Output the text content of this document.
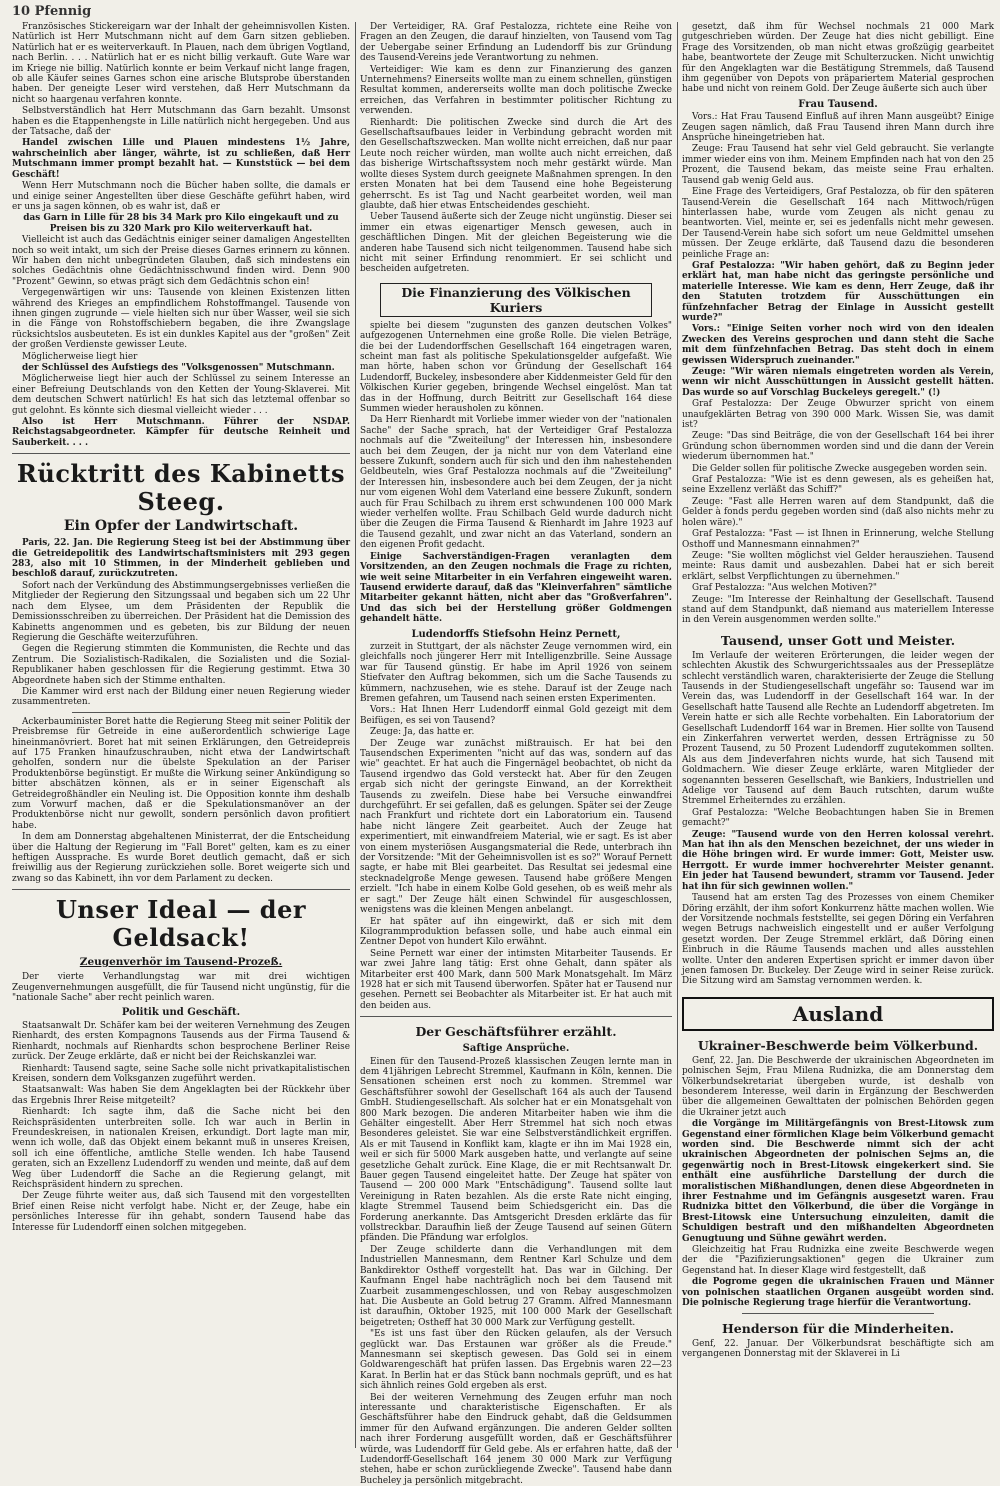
10 Pfennig

Französisches Stickereigarn war der Inhalt der geheimnisvollen Kisten. Natürlich ist Herr Mutschmann nicht auf dem Garn sitzen geblieben. Natürlich hat er es weiterverkauft. In Plauen, nach dem übrigen Vogtland, nach Berlin. . . . Natürlich hat er es nicht billig verkauft. Gute Ware war im Kriege nie billig. Natürlich konnte er beim Verkauf nicht lange fragen, ob alle Käufer seines Garnes schon eine arische Blutsprobe überstanden haben. Der geneigte Leser wird verstehen, daß Herr Mutschmann da nicht so haargenau verfahren konnte.

Selbstverständlich hat Herr Mutschmann das Garn bezahlt. Umsonst haben es die Etappenhengste in Lille natürlich nicht hergegeben. Und aus der Tatsache, daß der

Handel zwischen Lille und Plauen mindestens 1½ Jahre, wahrscheinlich aber länger, währte, ist zu schließen, daß Herr Mutschmann immer prompt bezahlt hat. — Kunststück — bei dem Geschäft!

Wenn Herr Mutschmann noch die Bücher haben sollte, die damals er und einige seiner Angestellten über diese Geschäfte geführt haben, wird er uns ja sagen können, ob es wahr ist, daß er

das Garn in Lille für 28 bis 34 Mark pro Kilo eingekauft und zu Preisen bis zu 320 Mark pro Kilo weiterverkauft hat.

Vielleicht ist auch das Gedächtnis einiger seiner damaligen Angestellten noch so weit intakt, um sich der Preise dieses Garnes erinnern zu können. Wir haben den nicht unbegründeten Glauben, daß sich mindestens ein solches Gedächtnis ohne Gedächtnisschwund finden wird. Denn 900 "Prozent" Gewinn, so etwas prägt sich dem Gedächtnis schon ein!

Vergegenwärtigen wir uns: Tausende von kleinen Existenzen litten während des Krieges an empfindlichem Rohstoffmangel. Tausende von ihnen gingen zugrunde — viele hielten sich nur über Wasser, weil sie sich in die Fänge von Rohstoffschiebern begaben, die ihre Zwangslage rücksichtslos ausbeuteten. Es ist ein dunkles Kapitel aus der "großen" Zeit der großen Verdienste gewisser Leute.

Möglicherweise liegt hier

der Schlüssel des Aufstiegs des "Volksgenossen" Mutschmann.

Möglicherweise liegt hier auch der Schlüssel zu seinem Interesse an einer Befreiung Deutschlands von den Ketten der Young-Sklaverei. Mit dem deutschen Schwert natürlich! Es hat sich das letztemal offenbar so gut gelohnt. Es könnte sich diesmal vielleicht wieder . . .

Also ist Herr Mutschmann. Führer der NSDAP. Reichstagsabgeordneter. Kämpfer für deutsche Reinheit und Sauberkeit. . . .

Rücktritt des Kabinetts Steeg.
Ein Opfer der Landwirtschaft.

Paris, 22. Jan. Die Regierung Steeg ist bei der Abstimmung über die Getreidepolitik des Landwirtschaftsministers mit 293 gegen 283, also mit 10 Stimmen, in der Minderheit geblieben und beschloß darauf, zurückzutreten.

Sofort nach der Verkündung des Abstimmungsergebnisses verließen die Mitglieder der Regierung den Sitzungssaal und begaben sich um 22 Uhr nach dem Elysee, um dem Präsidenten der Republik die Demissionsschreiben zu überreichen. Der Präsident hat die Demission des Kabinetts angenommen und es gebeten, bis zur Bildung der neuen Regierung die Geschäfte weiterzuführen.

Gegen die Regierung stimmten die Kommunisten, die Rechte und das Zentrum. Die Sozialistisch-Radikalen, die Sozialisten und die Sozial-Republikaner haben geschlossen für die Regierung gestimmt. Etwa 30 Abgeordnete haben sich der Stimme enthalten.

Die Kammer wird erst nach der Bildung einer neuen Regierung wieder zusammentreten.

Ackerbauminister Boret hatte die Regierung Steeg mit seiner Politik der Preisbremse für Getreide in eine außerordentlich schwierige Lage hineinmanövriert. Boret hat mit seinen Erklärungen, den Getreidepreis auf 175 Franken hinaufzuschrauben, nicht etwa der Landwirtschaft geholfen, sondern nur die übelste Spekulation an der Pariser Produktenbörse begünstigt. Er mußte die Wirkung seiner Ankündigung so bitter abschätzen können, als er in seiner Eigenschaft als Getreidegroßhändler ein Neuling ist. Die Opposition konnte ihm deshalb zum Vorwurf machen, daß er die Spekulationsmanöver an der Produktenbörse nicht nur gewollt, sondern persönlich davon profitiert habe.

In dem am Donnerstag abgehaltenen Ministerrat, der die Entscheidung über die Haltung der Regierung im "Fall Boret" gelten, kam es zu einer heftigen Aussprache. Es wurde Boret deutlich gemacht, daß er sich freiwillig aus der Regierung zurückziehen solle. Boret weigerte sich und zwang so das Kabinett, ihn vor dem Parlament zu decken.

Unser Ideal — der Geldsack!
Zeugenverhör im Tausend-Prozeß.

Der vierte Verhandlungstag war mit drei wichtigen Zeugenvernehmungen ausgefüllt, die für Tausend nicht ungünstig, für die "nationale Sache" aber recht peinlich waren.

Politik und Geschäft.

Staatsanwalt Dr. Schäfer kam bei der weiteren Vernehmung des Zeugen Rienhardt, des ersten Kompagnons Tausends aus der Firma Tausend & Rienhardt, nochmals auf Rienhardts schon besprochene Berliner Reise zurück. Der Zeuge erklärte, daß er nicht bei der Reichskanzlei war.

Rienhardt: Tausend sagte, seine Sache solle nicht privatkapitalistischen Kreisen, sondern dem Volksganzen zugeführt werden.

Staatsanwalt: Was haben Sie dem Angeklagten bei der Rückkehr über das Ergebnis Ihrer Reise mitgeteilt?

Rienhardt: Ich sagte ihm, daß die Sache nicht bei den Reichspräsidenten unterbreiten solle. Ich war auch in Berlin in Freundeskreisen, in nationalen Kreisen, erkundigt. Dort lagte man mir, wenn ich wolle, daß das Objekt einem bekannt muß in unseres Kreisen, soll ich eine öffentliche, amtliche Stelle wenden. Ich habe Tausend geraten, sich an Exzellenz Ludendorff zu wenden und meinte, daß auf dem Weg über Ludendorff die Sache an die Regierung gelangt, mit Reichspräsident hindern zu sprechen.

Der Zeuge führte weiter aus, daß sich Tausend mit den vorgestellten Brief einen Reise nicht verfolgt habe. Nicht er, der Zeuge, habe ein persönliches Interesse für ihn gehabt, sondern Tausend habe das Interesse für Ludendorff einen solchen mitgegeben.

Der Verteidiger, RA. Graf Pestalozza, richtete eine Reihe von Fragen an den Zeugen, die darauf hinzielten, von Tausend vom Tag der Uebergabe seiner Erfindung an Ludendorff bis zur Gründung des Tausend-Vereins jede Verantwortung zu nehmen.

Verteidiger: Wie kam es denn zur Finanzierung des ganzen Unternehmens? Einerseits wollte man zu einem schnellen, günstigen Resultat kommen, andererseits wollte man doch politische Zwecke erreichen, das Verfahren in bestimmter politischer Richtung zu verwenden.

Rienhardt: Die politischen Zwecke sind durch die Art des Gesellschaftsaufbaues leider in Verbindung gebracht worden mit den Gesellschaftszwecken. Man wollte nicht erreichen, daß nur paar Leute noch reicher würden, man wollte auch nicht erreichen, daß das bisherige Wirtschaftssystem noch mehr gestärkt würde. Man wollte dieses System durch geeignete Maßnahmen sprengen. In den ersten Monaten hat bei dem Tausend eine hohe Begeisterung geherrscht. Es ist Tag und Nacht gearbeitet worden, weil man glaubte, daß hier etwas Entscheidendes geschieht.

Ueber Tausend äußerte sich der Zeuge nicht ungünstig. Dieser sei immer ein etwas eigenartiger Mensch gewesen, auch in geschäftlichen Dingen. Mit der gleichen Begeisterung wie die anderen habe Tausend sich nicht teilgenommen. Tausend habe sich nicht mit seiner Erfindung renommiert. Er sei schlicht und bescheiden aufgetreten.

Die Finanzierung des Völkischen Kuriers

spielte bei diesem "zugunsten des ganzen deutschen Volkes" aufgezogenen Unternehmen eine große Rolle. Die vielen Beträge, die bei der Ludendorffschen Gesellschaft 164 eingetragen waren, scheint man fast als politische Spekulationsgelder aufgefaßt. Wie man hörte, haben schon vor Gründung der Gesellschaft 164 Ludendorff, Buckeley, insbesondere aber Kiddenmeister Geld für den Völkischen Kurier gegeben, bringende Wechsel eingelöst. Man tat das in der Hoffnung, durch Beitritt zur Gesellschaft 164 diese Summen wieder herausholen zu können.

Da Herr Rienhardt mit Vorliebe immer wieder von der "nationalen Sache" der Sache sprach, hat der Verteidiger Graf Pestalozza nochmals auf die "Zweiteilung" der Interessen hin, insbesondere auch bei dem Zeugen, der ja nicht nur von dem Vaterland eine bessere Zukunft, sondern auch für sich und den ihm nahestehenden Geldbeuteln, wies Graf Pestalozza nochmals auf die "Zweiteilung" der Interessen hin, insbesondere auch bei dem Zeugen, der ja nicht nur vom eigenen Wohl dem Vaterland eine bessere Zukunft, sondern auch für Frau Schilbach zu ihrem erst schwundenen 100 000 Mark wieder verhelfen wollte. Frau Schilbach Geld wurde dadurch nicht über die Zeugen die Firma Tausend & Rienhardt im Jahre 1923 auf die Tausend gezahlt, und zwar nicht an das Vaterland, sondern an den eigenen Profit gedacht.

Einige Sachverständigen-Fragen veranlagten dem Vorsitzenden, an den Zeugen nochmals die Frage zu richten, wie weit seine Mitarbeiter in ein Verfahren eingeweiht waren. Tausend erwiderte darauf, daß das "Kleinverfahren" sämtliche Mitarbeiter gekannt hätten, nicht aber das "Großverfahren". Und das sich bei der Herstellung größer Goldmengen gehandelt hätte.

Ludendorffs Stiefsohn Heinz Pernett,

zurzeit in Stuttgart, der als nächster Zeuge vernommen wird, ein gleichfalls noch jüngerer Herr mit Intelligenzbrille. Seine Aussage war für Tausend günstig. Er habe im April 1926 von seinem Stiefvater den Auftrag bekommen, sich um die Sache Tausends zu kümmern, nachzusehen, wie es stehe. Darauf ist der Zeuge nach Bremen gefahren, um Tausend nach seinen ersten Experimenten.

Vors.: Hat Ihnen Herr Ludendorff einmal Gold gezeigt mit dem Beifügen, es sei von Tausend?

Zeuge: Ja, das hatte er.

Der Zeuge war zunächst mißtrauisch. Er hat bei den Tausendschen Experimenten "nicht auf das was, sondern auf das wie" geachtet. Er hat auch die Fingernägel beobachtet, ob nicht da Tausend irgendwo das Gold versteckt hat. Aber für den Zeugen ergab sich nicht der geringste Einwand, an der Korrektheit Tausends zu zweifeln. Diese habe bei Versuche einwandfrei durchgeführt. Er sei gefallen, daß es gelungen. Später sei der Zeuge nach Frankfurt und richtete dort ein Laboratorium ein. Tausend habe nicht längere Zeit gearbeitet. Auch der Zeuge hat experimentiert, mit einwandfreiem Material, wie er sagt. Es ist aber von einem mysteriösen Ausgangsmaterial die Rede, unterbrach ihn der Vorsitzende: "Mit der Geheimnisvollen ist es so?" Worauf Pernett sagte, er habe mit Blei gearbeitet. Das Resultat sei jedesmal eine stecknadelgroße Menge gewesen. Tausend habe größere Mengen erzielt. "Ich habe in einem Kolbe Gold gesehen, ob es weiß mehr als er sagt." Der Zeuge hält einen Schwindel für ausgeschlossen, wenigstens was die kleinen Mengen anbelangt.

Er hat später auf ihn eingewirkt, daß er sich mit dem Kilogrammproduktion befassen solle, und habe auch einmal ein Zentner Depot von hundert Kilo erwähnt.

Seine Pernett war einer der intimsten Mitarbeiter Tausends. Er war zwei Jahre lang tätig: Erst ohne Gehalt, dann später als Mitarbeiter erst 400 Mark, dann 500 Mark Monatsgehalt. Im März 1928 hat er sich mit Tausend überworfen. Später hat er Tausend nur gesehen. Pernett sei Beobachter als Mitarbeiter ist. Er hat auch mit den beiden aus.

Der Geschäftsführer erzählt.
Saftige Ansprüche.

Einen für den Tausend-Prozeß klassischen Zeugen lernte man in dem 41jährigen Lebrecht Stremmel, Kaufmann in Köln, kennen. Die Sensationen scheinen erst noch zu kommen. Stremmel war Geschäftsführer sowohl der Gesellschaft 164 als auch der Tausend GmbH. Studiengesellschaft. Als solcher hat er ein Monatsgehalt von 800 Mark bezogen. Die anderen Mitarbeiter haben wie ihm die Gehälter eingestellt. Aber Herr Stremmel hat sich noch etwas Besonderes geleistet. Sie war eine Selbstverständlichkeit ergriffen. Als er mit Tausend in Konflikt kam, klagte er ihn im Mai 1928 ein, weil er sich für 5000 Mark ausgeben hatte, und verlangte auf seine gesetzliche Gehalt zurück. Eine Klage, die er mit Rechtsanwalt Dr. Bauer gegen Tausend eingeleitet hatte. Der Zeuge hat später von Tausend — 200 000 Mark "Entschädigung". Tausend sollte laut Vereinigung in Raten bezahlen. Als die erste Rate nicht einging, klagte Stremmel Tausend beim Schiedsgericht ein. Das die Forderung anerkannte. Das Amtsgericht Dresden erklärte das für vollstreckbar. Daraufhin ließ der Zeuge Tausend auf seinen Gütern pfänden. Die Pfändung war erfolglos.

Der Zeuge schilderte dann die Verhandlungen mit dem Industriellen Mannesmann, dem Rentner Karl Schulze und dem Bankdirektor Ostheff vorgestellt hat. Das war in Gilching. Der Kaufmann Engel habe nachträglich noch bei dem Tausend mit Zuarbeit zusammengeschlossen, und von Rebay ausgeschmolzen hat. Die Ausbeute an Gold betrug 27 Gramm. Alfred Mannesmann ist daraufhin, Oktober 1925, mit 100 000 Mark der Gesellschaft beigetreten; Ostheff hat 30 000 Mark zur Verfügung gestellt.

"Es ist uns fast über den Rücken gelaufen, als der Versuch geglückt war. Das Erstaunen war größer als die Freude." Mannesmann sei skeptisch gewesen. Das Gold sei in einem Goldwarengeschäft hat prüfen lassen. Das Ergebnis waren 22—23 Karat. In Berlin hat er das Stück bann nochmals geprüft, und es hat sich ähnlich reines Gold ergeben als erst.

Bei der weiteren Vernehmung des Zeugen erfuhr man noch interessante und charakteristische Eigenschaften. Er als Geschäftsführer habe den Eindruck gehabt, daß die Geldsummen immer für den Aufwand ergänzungen. Die anderen Gelder sollten nach ihrer Forderung ausgefüllt worden, daß er Geschäftsführer würde, was Ludendorff für Geld gebe. Als er erfahren hatte, daß der Ludendorff-Gesellschaft 164 jenem 30 000 Mark zur Verfügung stehen, habe er schon zurückliegende Zwecke". Tausend habe dann Bucheley ja persönlich mitgebracht.

gesetzt, daß ihm für Wechsel nochmals 21 000 Mark gutgeschrieben würden. Der Zeuge hat dies nicht gebilligt. Eine Frage des Vorsitzenden, ob man nicht etwas großzügig gearbeitet habe, beantwortete der Zeuge mit Schulterzucken. Nicht unwichtig für den Angeklagten war die Bestätigung Stremmels, daß Tausend ihm gegenüber von Depots von präpariertem Material gesprochen habe und nicht von reinem Gold. Der Zeuge äußerte sich auch über

Frau Tausend.

Vors.: Hat Frau Tausend Einfluß auf ihren Mann ausgeübt? Einige Zeugen sagen nämlich, daß Frau Tausend ihren Mann durch ihre Ansprüche hineingetrieben hat.

Zeuge: Frau Tausend hat sehr viel Geld gebraucht. Sie verlangte immer wieder eins von ihm. Meinem Empfinden nach hat von den 25 Prozent, die Tausend bekam, das meiste seine Frau erhalten. Tausend gab wenig Geld aus.

Eine Frage des Verteidigers, Graf Pestalozza, ob für den späteren Tausend-Verein die Gesellschaft 164 nach Mittwoch/rügen hinterlassen habe, wurde vom Zeugen als nicht genau zu beantworten. Viel, meinte er, sei es jedenfalls nicht mehr gewesen. Der Tausend-Verein habe sich sofort um neue Geldmittel umsehen müssen. Der Zeuge erklärte, daß Tausend dazu die besonderen peinliche Frage an:

Graf Pestalozza: "Wir haben gehört, daß zu Beginn jeder erklärt hat, man habe nicht das geringste persönliche und materielle Interesse. Wie kam es denn, Herr Zeuge, daß ihr den Statuten trotzdem für Ausschüttungen ein fünfzehnfacher Betrag der Einlage in Aussicht gestellt wurde?"

Vors.: "Einige Seiten vorher noch wird von den idealen Zwecken des Vereins gesprochen und dann steht die Sache mit dem fünfzehnfachen Betrag. Das steht doch in einem gewissen Widerspruch zueinander."

Zeuge: "Wir wären niemals eingetreten worden als Verein, wenn wir nicht Ausschüttungen in Aussicht gestellt hätten. Das wurde so auf Vorschlag Buckeleys geregelt." (!)

Graf Pestalozza: Der Zeuge Obwurzer spricht von einem unaufgeklärten Betrag von 390 000 Mark. Wissen Sie, was damit ist?

Zeuge: "Das sind Beiträge, die von der Gesellschaft 164 bei ihrer Gründung schon übernommen worden sind und die dann der Verein wiederum übernommen hat."

Die Gelder sollen für politische Zwecke ausgegeben worden sein.

Graf Pestalozza: "Wie ist es denn gewesen, als es geheißen hat, seine Exzellenz verläßt das Schiff?"

Zeuge: "Fast alle Herren waren auf dem Standpunkt, daß die Gelder à fonds perdu gegeben worden sind (daß also nichts mehr zu holen wäre)."

Graf Pestalozza: "Fast — ist Ihnen in Erinnerung, welche Stellung Osthoff und Mannesmann einnahmen?"

Zeuge: "Sie wollten möglichst viel Gelder herausziehen. Tausend meinte: Raus damit und ausbezahlen. Dabei hat er sich bereit erklärt, selbst Verpflichtungen zu übernehmen."

Graf Pestalozza: "Aus welchen Motiven?"

Zeuge: "Im Interesse der Reinhaltung der Gesellschaft. Tausend stand auf dem Standpunkt, daß niemand aus materiellem Interesse in den Verein ausgenommen werden sollte."

Tausend, unser Gott und Meister.

Im Verlaufe der weiteren Erörterungen, die leider wegen der schlechten Akustik des Schwurgerichtssaales aus der Presseplätze schlecht verständlich waren, charakterisierte der Zeuge die Stellung Tausends in der Studiengesellschaft ungefähr so: Tausend war im Verein das, was Ludendorff in der Gesellschaft 164 war. In der Gesellschaft hatte Tausend alle Rechte an Ludendorff abgetreten. Im Verein hatte er sich alle Rechte vorbehalten. Ein Laboratorium der Gesellschaft Ludendorff 164 war in Bremen. Hier sollte von Tausend ein Zinkerfahren verwertet werden, dessen Erträgnisse zu 50 Prozent Tausend, zu 50 Prozent Ludendorff zugutekommen sollten. Als aus dem Jindeverfahren nichts wurde, hat sich Tausend mit Goldmachern. Wie dieser Zeuge erklärte, waren Mitglieder der sogenannten besseren Gesellschaft, wie Bankiers, Industriellen und Adelige vor Tausend auf dem Bauch rutschten, darum wußte Stremmel Erheiterndes zu erzählen.

Graf Pestalozza: "Welche Beobachtungen haben Sie in Bremen gemacht?"

Zeuge: "Tausend wurde von den Herren kolossal verehrt. Man hat ihn als den Menschen bezeichnet, der uns wieder in die Höhe bringen wird. Er wurde immer: Gott, Meister usw. Herrgott. Er wurde immer hochverehrter Meister genannt. Ein jeder hat Tausend bewundert, stramm vor Tausend. Jeder hat ihn für sich gewinnen wollen."

Tausend hat am ersten Tag des Prozesses von einem Chemiker Döring erzählt, der ihm sofort Konkurrenz hätte machen wollen. Wie der Vorsitzende nochmals feststellte, sei gegen Döring ein Verfahren wegen Betrugs nachweislich eingestellt und er außer Verfolgung gesetzt worden. Der Zeuge Stremmel erklärt, daß Döring einen Einbruch in die Räume Tausends machen und alles ausstehlen wollte. Unter den anderen Expertisen spricht er immer davon über jenen famosen Dr. Buckeley. Der Zeuge wird in seiner Reise zurück. Die Sitzung wird am Samstag vernommen werden. k.

Ausland
Ukrainer-Beschwerde beim Völkerbund.

Genf, 22. Jan. Die Beschwerde der ukrainischen Abgeordneten im polnischen Sejm, Frau Milena Rudnizka, die am Donnerstag dem Völkerbundsekretariat übergeben wurde, ist deshalb von besonderem Interesse, weil darin in Ergänzung der Beschwerden über die allgemeinen Gewalttaten der polnischen Behörden gegen die Ukrainer jetzt auch

die Vorgänge im Militärgefängnis von Brest-Litowsk zum Gegenstand einer förmlichen Klage beim Völkerbund gemacht worden sind. Die Beschwerde nimmt sich der acht ukrainischen Abgeordneten der polnischen Sejms an, die gegenwärtig noch in Brest-Litowsk eingekerkert sind. Sie enthält eine ausführliche Darstellung der durch die moralistischen Mißhandlungen, denen diese Abgeordneten in ihrer Festnahme und im Gefängnis ausgesetzt waren. Frau Rudnizka bittet den Völkerbund, die über die Vorgänge in Brest-Litowsk eine Untersuchung einzuleiten, damit die Schuldigen bestraft und den mißhandelten Abgeordneten Genugtuung und Sühne gewährt werden.

Gleichzeitig hat Frau Rudnizka eine zweite Beschwerde wegen der die "Pazifizierungsaktionen" gegen die Ukrainer zum Gegenstand hat. In dieser Klage wird festgestellt, daß

die Pogrome gegen die ukrainischen Frauen und Männer von polnischen staatlichen Organen ausgeübt worden sind. Die polnische Regierung trage hierfür die Verantwortung.

Henderson für die Minderheiten.

Genf, 22. Januar. Der Völkerbundsrat beschäftigte sich am vergangenen Donnerstag mit der Sklaverei in Li
